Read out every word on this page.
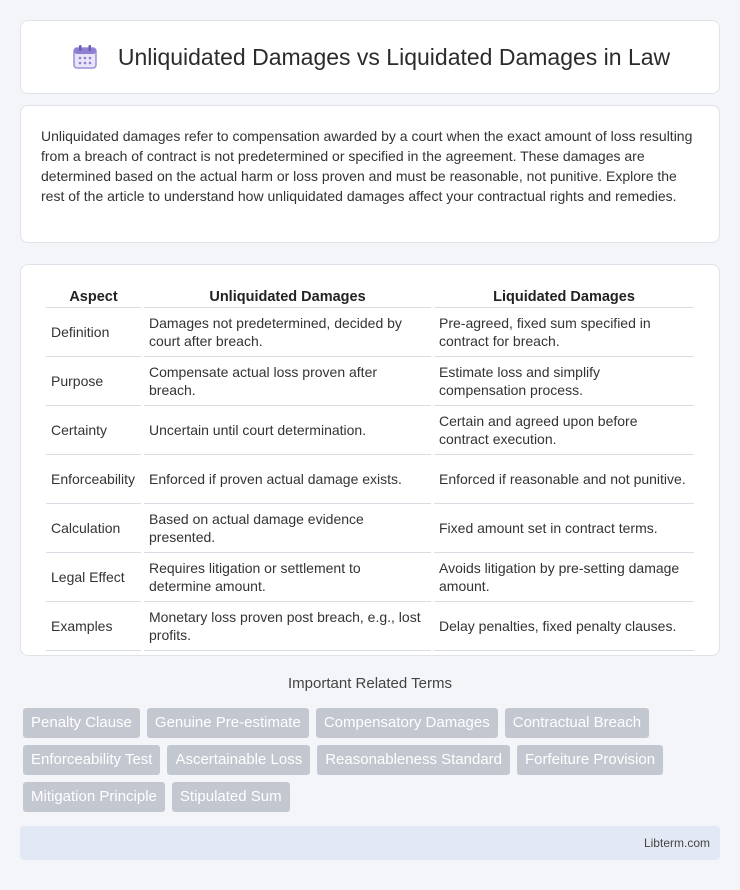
Unliquidated Damages vs Liquidated Damages in Law

Unliquidated damages refer to compensation awarded by a court when the exact amount of loss resulting from a breach of contract is not predetermined or specified in the agreement. These damages are determined based on the actual harm or loss proven and must be reasonable, not punitive. Explore the rest of the article to understand how unliquidated damages affect your contractual rights and remedies.

Aspect	Unliquidated Damages	Liquidated Damages
Definition	Damages not predetermined, decided by court after breach.	Pre-agreed, fixed sum specified in contract for breach.
Purpose	Compensate actual loss proven after breach.	Estimate loss and simplify compensation process.
Certainty	Uncertain until court determination.	Certain and agreed upon before contract execution.
Enforceability	Enforced if proven actual damage exists.	Enforced if reasonable and not punitive.
Calculation	Based on actual damage evidence presented.	Fixed amount set in contract terms.
Legal Effect	Requires litigation or settlement to determine amount.	Avoids litigation by pre-setting damage amount.
Examples	Monetary loss proven post breach, e.g., lost profits.	Delay penalties, fixed penalty clauses.
Important Related Terms
Penalty Clause	Genuine Pre-estimate	Compensatory Damages	Contractual Breach
Enforceability Test	Ascertainable Loss	Reasonableness Standard	Forfeiture Provision
Mitigation Principle	Stipulated Sum
Libterm.com
